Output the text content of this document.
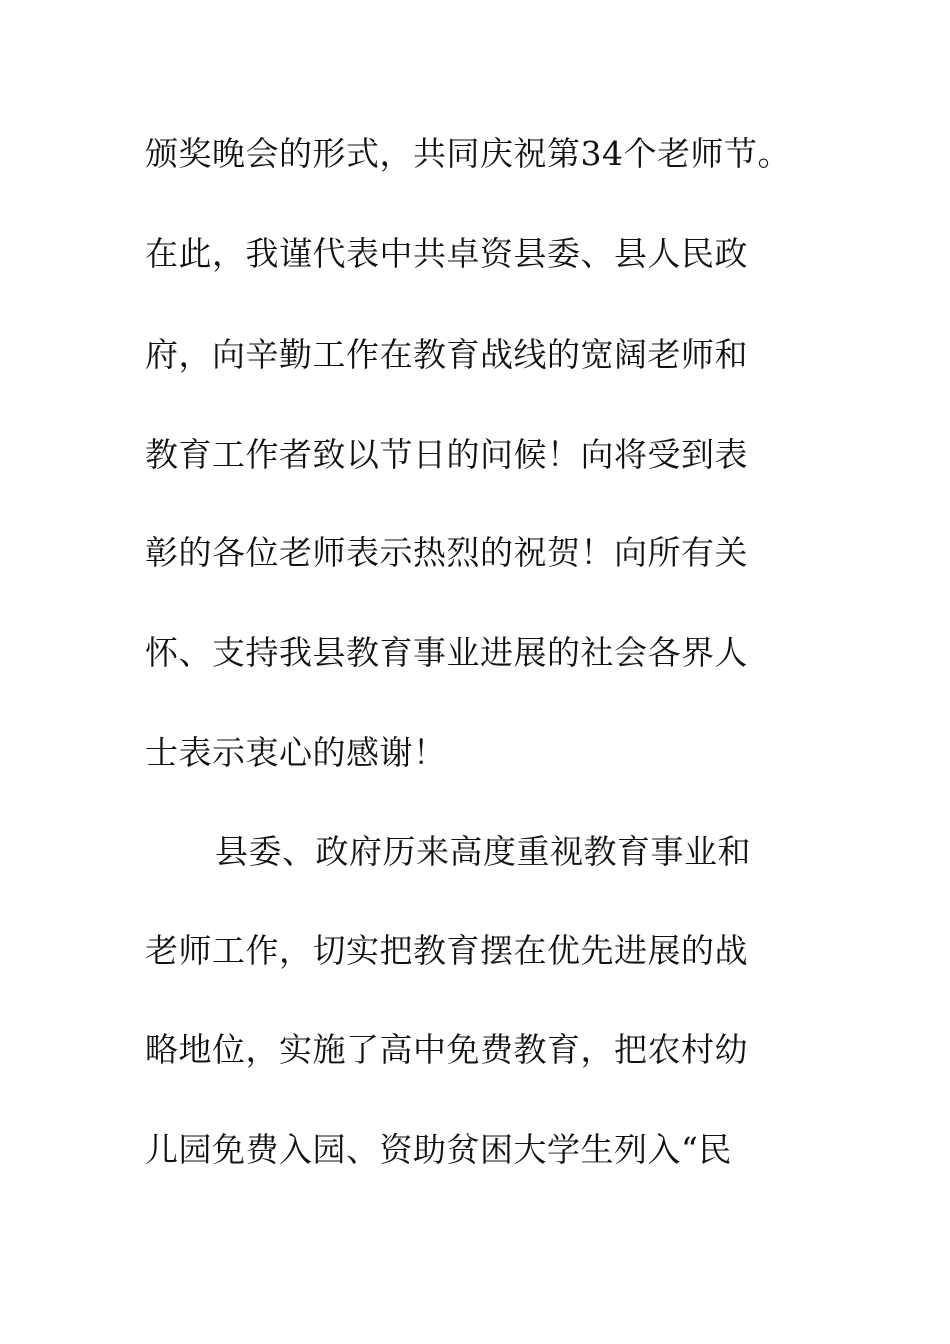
颁奖晚会的形式，共同庆祝第34个老师节。
在此，我谨代表中共卓资县委、县人民政
府，向辛勤工作在教育战线的宽阔老师和
教育工作者致以节日的问候！向将受到表
彰的各位老师表示热烈的祝贺！向所有关
怀、支持我县教育事业进展的社会各界人
士表示衷心的感谢！
县委、政府历来高度重视教育事业和
老师工作，切实把教育摆在优先进展的战
略地位，实施了高中免费教育，把农村幼
儿园免费入园、资助贫困大学生列入“民
